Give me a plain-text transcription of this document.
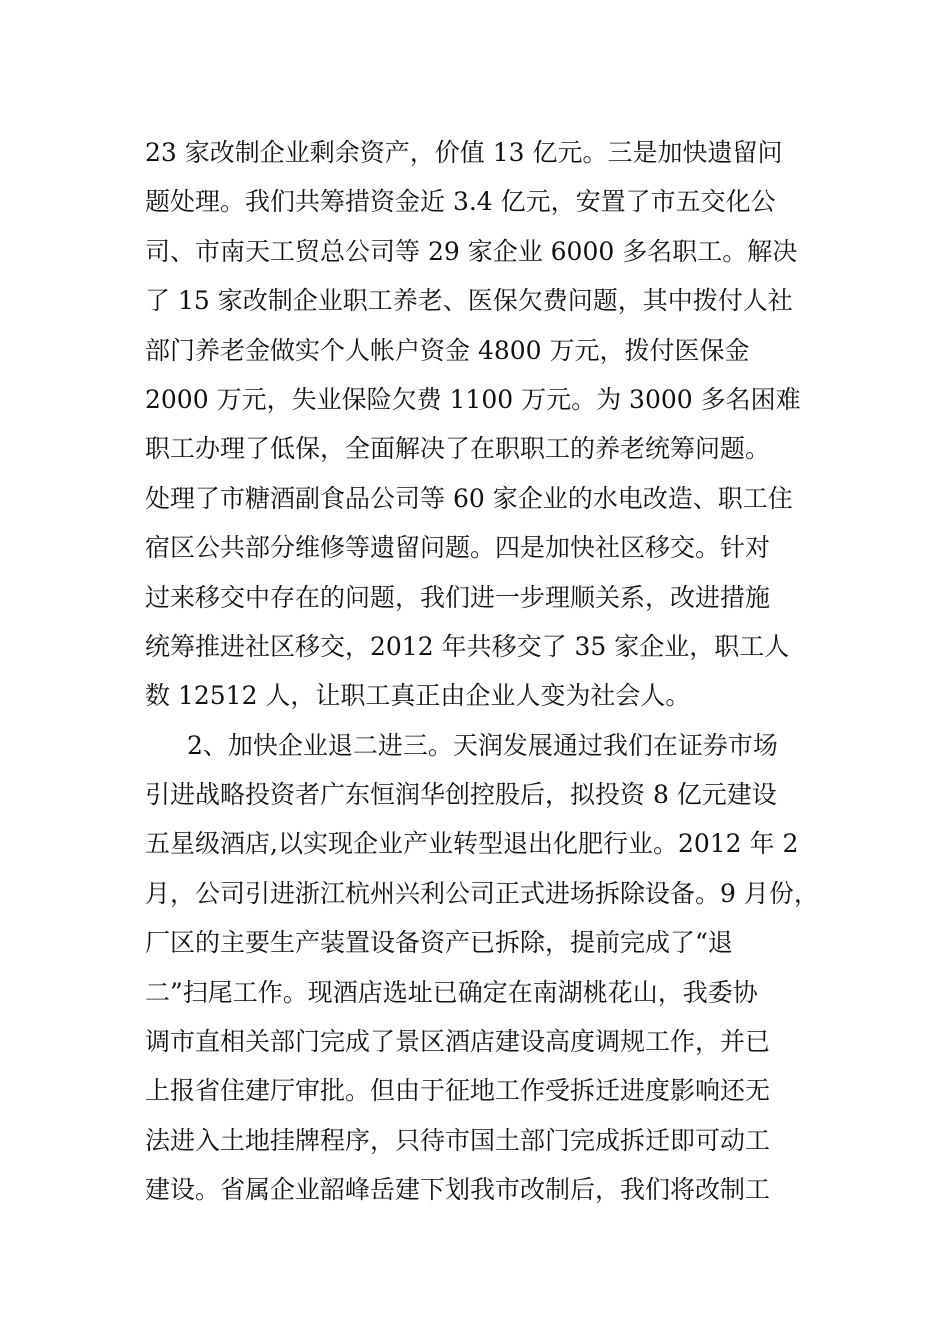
23 家改制企业剩余资产，价值 13 亿元。三是加快遗留问
题处理。我们共筹措资金近 3.4 亿元，安置了市五交化公
司、市南天工贸总公司等 29 家企业 6000 多名职工。解决
了 15 家改制企业职工养老、医保欠费问题，其中拨付人社
部门养老金做实个人帐户资金 4800 万元，拨付医保金
2000 万元，失业保险欠费 1100 万元。为 3000 多名困难
职工办理了低保，全面解决了在职职工的养老统筹问题。
处理了市糖酒副食品公司等 60 家企业的水电改造、职工住
宿区公共部分维修等遗留问题。四是加快社区移交。针对
过来移交中存在的问题，我们进一步理顺关系，改进措施
统筹推进社区移交，2012 年共移交了 35 家企业，职工人
数 12512 人，让职工真正由企业人变为社会人。
2、加快企业退二进三。天润发展通过我们在证券市场
引进战略投资者广东恒润华创控股后，拟投资 8 亿元建设
五星级酒店,以实现企业产业转型退出化肥行业。2012 年 2
月，公司引进浙江杭州兴利公司正式进场拆除设备。9 月份，
厂区的主要生产装置设备资产已拆除，提前完成了“退
二”扫尾工作。现酒店选址已确定在南湖桃花山，我委协
调市直相关部门完成了景区酒店建设高度调规工作，并已
上报省住建厅审批。但由于征地工作受拆迁进度影响还无
法进入土地挂牌程序，只待市国土部门完成拆迁即可动工
建设。省属企业韶峰岳建下划我市改制后，我们将改制工
